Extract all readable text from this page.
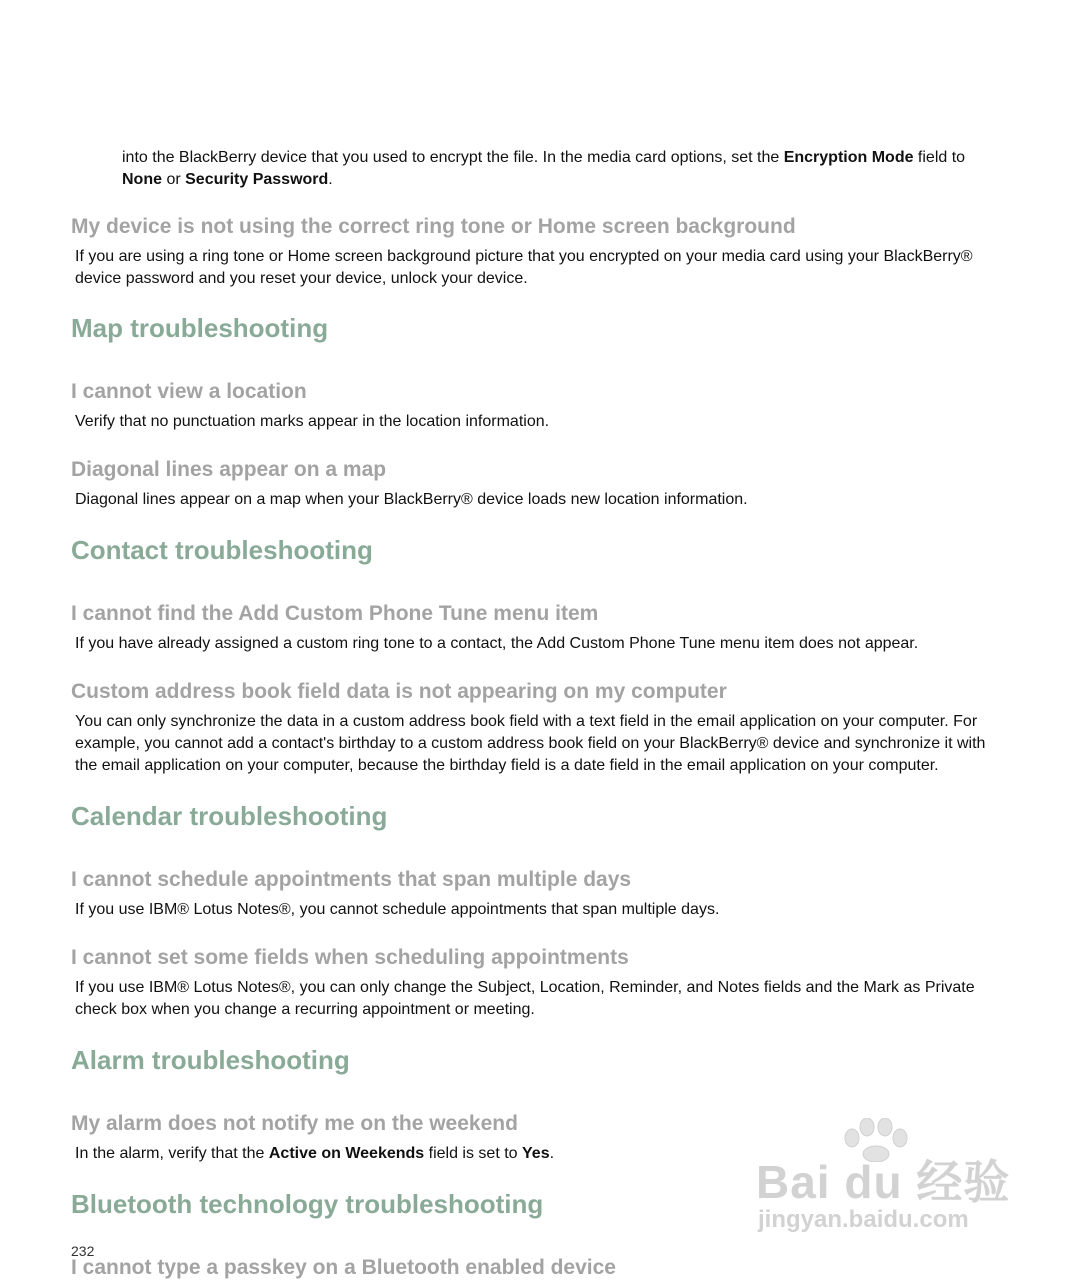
into the BlackBerry device that you used to encrypt the file. In the media card options, set the Encryption Mode field to None or Security Password.
My device is not using the correct ring tone or Home screen background
If you are using a ring tone or Home screen background picture that you encrypted on your media card using your BlackBerry® device password and you reset your device, unlock your device.
Map troubleshooting
I cannot view a location
Verify that no punctuation marks appear in the location information.
Diagonal lines appear on a map
Diagonal lines appear on a map when your BlackBerry® device loads new location information.
Contact troubleshooting
I cannot find the Add Custom Phone Tune menu item
If you have already assigned a custom ring tone to a contact, the Add Custom Phone Tune menu item does not appear.
Custom address book field data is not appearing on my computer
You can only synchronize the data in a custom address book field with a text field in the email application on your computer. For example, you cannot add a contact's birthday to a custom address book field on your BlackBerry® device and synchronize it with the email application on your computer, because the birthday field is a date field in the email application on your computer.
Calendar troubleshooting
I cannot schedule appointments that span multiple days
If you use IBM® Lotus Notes®, you cannot schedule appointments that span multiple days.
I cannot set some fields when scheduling appointments
If you use IBM® Lotus Notes®, you can only change the Subject, Location, Reminder, and Notes fields and the Mark as Private check box when you change a recurring appointment or meeting.
Alarm troubleshooting
My alarm does not notify me on the weekend
In the alarm, verify that the Active on Weekends field is set to Yes.
Bluetooth technology troubleshooting
232
I cannot type a passkey on a Bluetooth enabled device
Bai du 经验
jingyan.baidu.com
